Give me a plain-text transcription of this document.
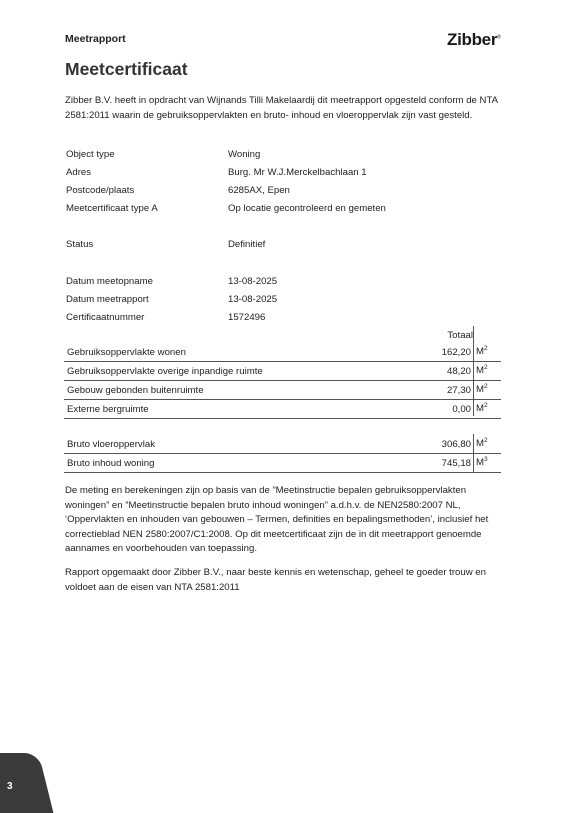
Meetrapport	Zibber®
Meetcertificaat
Zibber B.V. heeft in opdracht van Wijnands Tilli Makelaardij dit meetrapport opgesteld conform de NTA 2581:2011 waarin de gebruiksoppervlakten en bruto- inhoud en vloeroppervlak zijn vast gesteld.
Object type	Woning
Adres	Burg. Mr W.J.Merckelbachlaan 1
Postcode/plaats	6285AX, Epen
Meetcertificaat type A	Op locatie gecontroleerd en gemeten
Status	Definitief
Datum meetopname	13-08-2025
Datum meetrapport	13-08-2025
Certificaatnummer	1572496
Totaal
Gebruiksoppervlakte wonen	162,20 $M^2$
Gebruiksoppervlakte overige inpandige ruimte	48,20 $M^2$
Gebouw gebonden buitenruimte	27,30 $M^2$
Externe bergruimte	0,00 $M^2$
Bruto vloeroppervlak	306,80 $M^2$
Bruto inhoud woning	745,18 $M^3$
De meting en berekeningen zijn op basis van de ”Meetinstructie bepalen gebruiksoppervlakten woningen” en ”Meetinstructie bepalen bruto inhoud woningen” a.d.h.v. de NEN2580:2007 NL, ‘Oppervlakten en inhouden van gebouwen – Termen, definities en bepalingsmethoden’, inclusief het correctieblad NEN 2580:2007/C1:2008. Op dit meetcertificaat zijn de in dit meetrapport genoemde aannames en voorbehouden van toepassing.
Rapport opgemaakt door Zibber B.V., naar beste kennis en wetenschap, geheel te goeder trouw en voldoet aan de eisen van NTA 2581:2011
3
